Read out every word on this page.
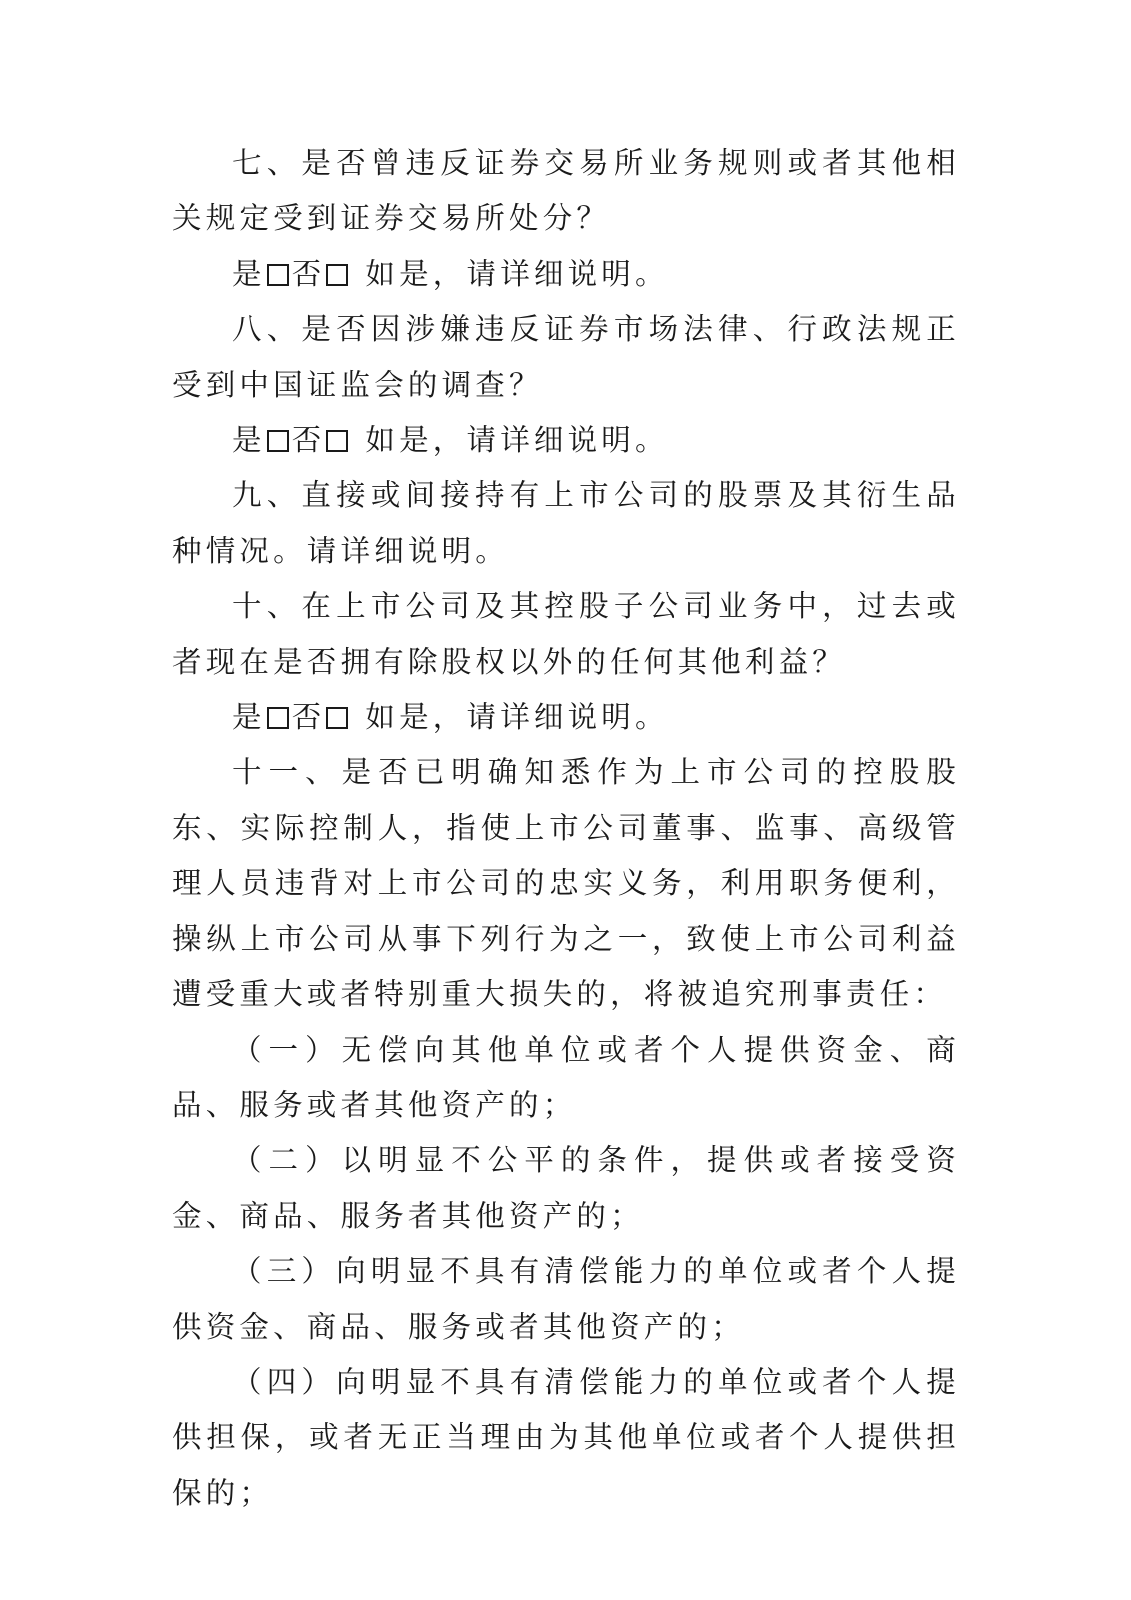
七、是否曾违反证券交易所业务规则或者其他相关规定受到证券交易所处分？

是 否 如是，请详细说明。

八、是否因涉嫌违反证券市场法律、行政法规正受到中国证监会的调查？

是 否 如是，请详细说明。

九、直接或间接持有上市公司的股票及其衍生品种情况。请详细说明。

十、在上市公司及其控股子公司业务中，过去或者现在是否拥有除股权以外的任何其他利益？

是 否 如是，请详细说明。

十一、是否已明确知悉作为上市公司的控股股东、实际控制人，指使上市公司董事、监事、高级管理人员违背对上市公司的忠实义务，利用职务便利，操纵上市公司从事下列行为之一，致使上市公司利益遭受重大或者特别重大损失的，将被追究刑事责任：

（一）无偿向其他单位或者个人提供资金、商品、服务或者其他资产的；

（二）以明显不公平的条件，提供或者接受资金、商品、服务者其他资产的；

（三）向明显不具有清偿能力的单位或者个人提供资金、商品、服务或者其他资产的；

（四）向明显不具有清偿能力的单位或者个人提供担保，或者无正当理由为其他单位或者个人提供担保的；
